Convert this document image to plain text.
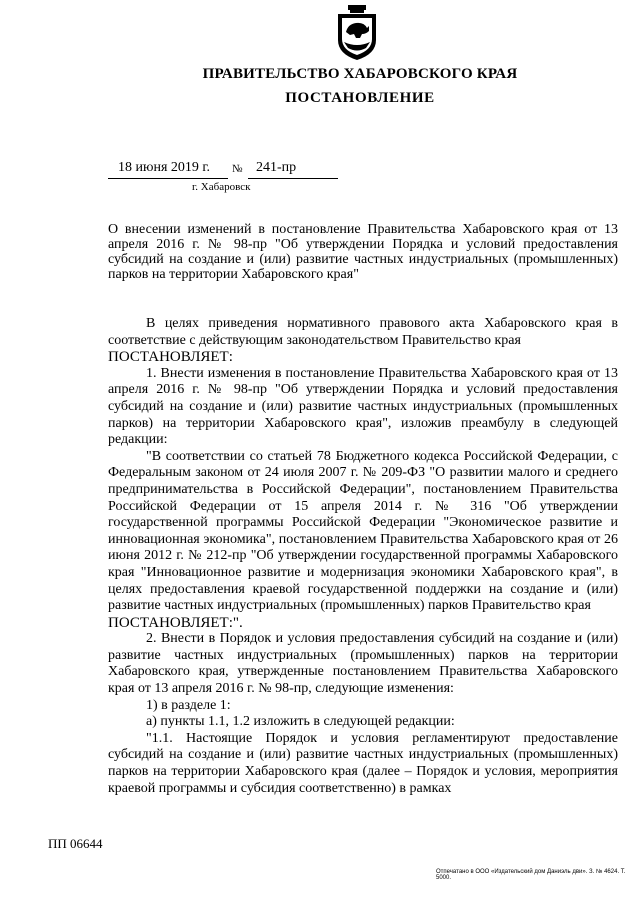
ПРАВИТЕЛЬСТВО ХАБАРОВСКОГО КРАЯ
ПОСТАНОВЛЕНИЕ
18 июня 2019 г. № 241-пр
г. Хабаровск
О внесении изменений в постановление Правительства Хабаровского края от 13 апреля 2016 г. № 98-пр "Об утверждении Порядка и условий предоставления субсидий на создание и (или) развитие частных индустриальных (промышленных) парков на территории Хабаровского края"

В целях приведения нормативного правового акта Хабаровского края в соответствие с действующим законодательством Правительство края

ПОСТАНОВЛЯЕТ:

1. Внести изменения в постановление Правительства Хабаровского края от 13 апреля 2016 г. № 98-пр "Об утверждении Порядка и условий предоставления субсидий на создание и (или) развитие частных индустриальных (промышленных парков) на территории Хабаровского края", изложив преамбулу в следующей редакции:

"В соответствии со статьей 78 Бюджетного кодекса Российской Федерации, с Федеральным законом от 24 июля 2007 г. № 209-ФЗ "О развитии малого и среднего предпринимательства в Российской Федерации", постановлением Правительства Российской Федерации от 15 апреля 2014 г. № 316 "Об утверждении государственной программы Российской Федерации "Экономическое развитие и инновационная экономика", постановлением Правительства Хабаровского края от 26 июня 2012 г. № 212-пр "Об утверждении государственной программы Хабаровского края "Инновационное развитие и модернизация экономики Хабаровского края", в целях предоставления краевой государственной поддержки на создание и (или) развитие частных индустриальных (промышленных) парков Правительство края

ПОСТАНОВЛЯЕТ:".

2. Внести в Порядок и условия предоставления субсидий на создание и (или) развитие частных индустриальных (промышленных) парков на территории Хабаровского края, утвержденные постановлением Правительства Хабаровского края от 13 апреля 2016 г. № 98-пр, следующие изменения:

1) в разделе 1:

а) пункты 1.1, 1.2 изложить в следующей редакции:

"1.1. Настоящие Порядок и условия регламентируют предоставление субсидий на создание и (или) развитие частных индустриальных (промышленных) парков на территории Хабаровского края (далее – Порядок и условия, мероприятия краевой программы и субсидия соответственно) в рамках

ПП 06644
Отпечатано в ООО «Издательский дом Даниэль дви». З. № 4624. Т. 5000.
